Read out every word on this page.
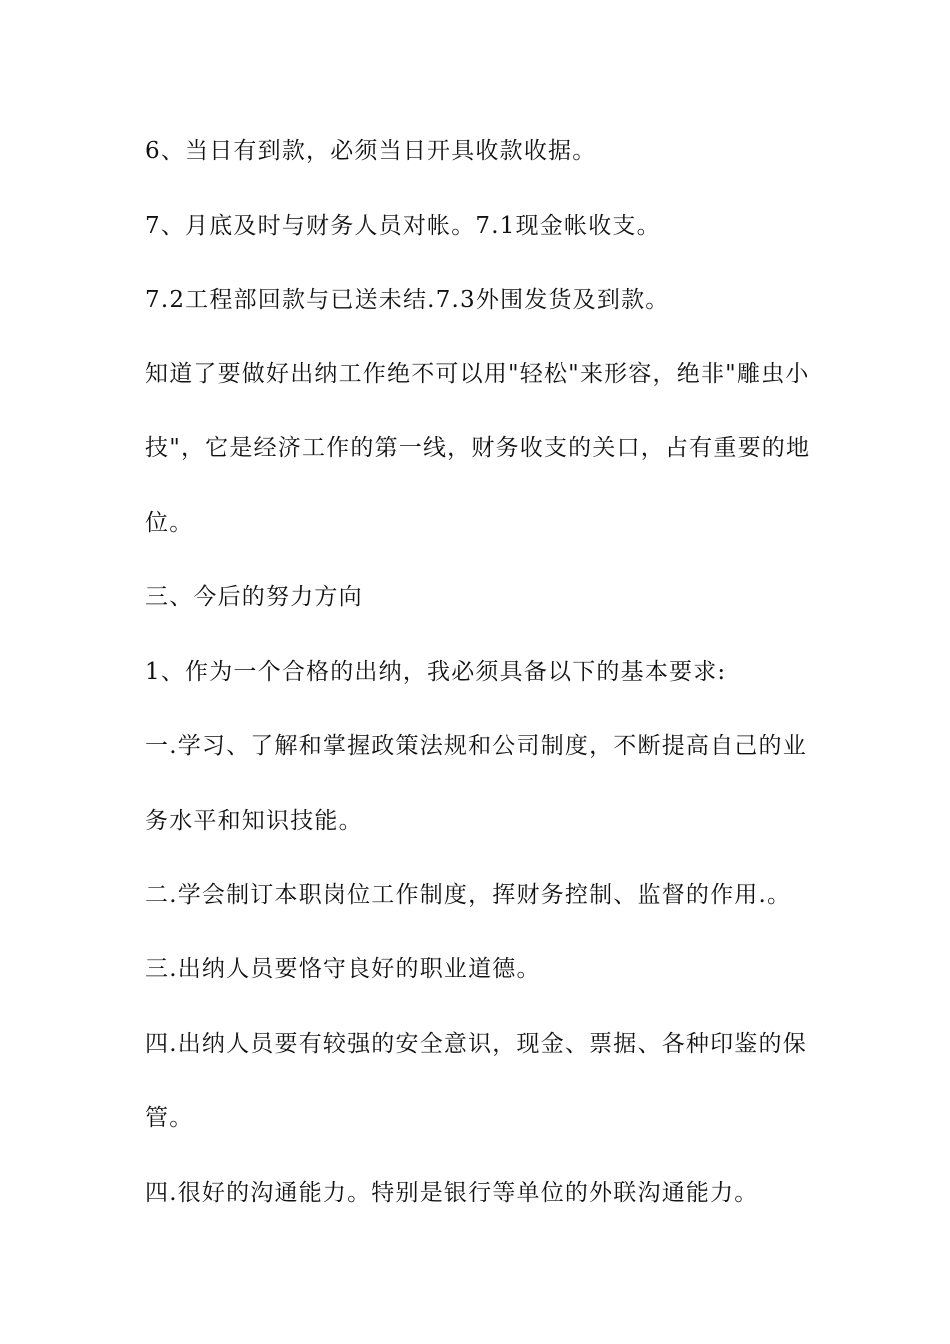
6、当日有到款，必须当日开具收款收据。
7、月底及时与财务人员对帐。7.1现金帐收支。
7.2工程部回款与已送未结.7.3外围发货及到款。
知道了要做好出纳工作绝不可以用"轻松"来形容，绝非"雕虫小
技"，它是经济工作的第一线，财务收支的关口，占有重要的地
位。
三、今后的努力方向
1、作为一个合格的出纳，我必须具备以下的基本要求:
一.学习、了解和掌握政策法规和公司制度，不断提高自己的业
务水平和知识技能。
二.学会制订本职岗位工作制度，挥财务控制、监督的作用.。
三.出纳人员要恪守良好的职业道德。
四.出纳人员要有较强的安全意识，现金、票据、各种印鉴的保
管。
四.很好的沟通能力。特别是银行等单位的外联沟通能力。
